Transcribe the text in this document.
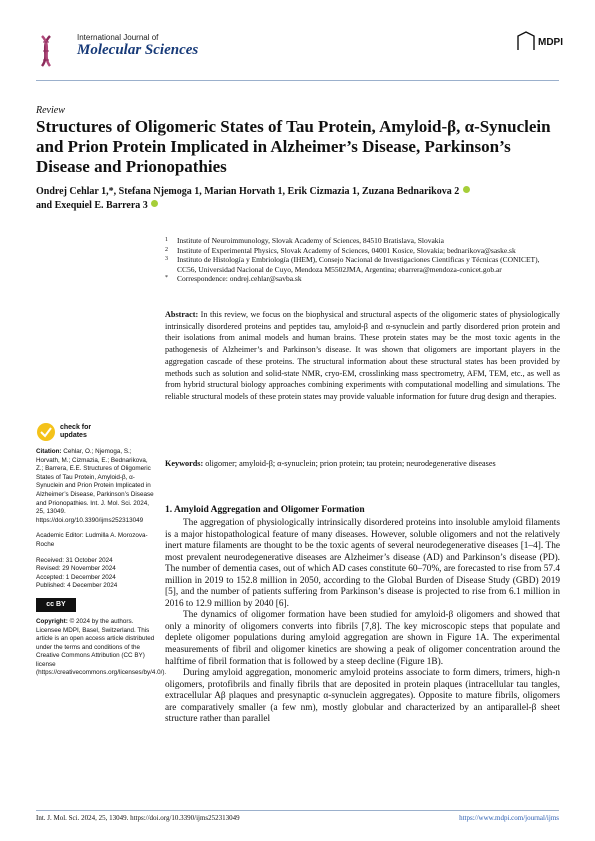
International Journal of
Molecular Sciences	MDPI
Review
Structures of Oligomeric States of Tau Protein, Amyloid-β, α-Synuclein and Prion Protein Implicated in Alzheimer’s Disease, Parkinson’s Disease and Prionopathies
Ondrej Cehlar 1,*, Stefana Njemoga 1, Marian Horvath 1, Erik Cizmazia 1, Zuzana Bednarikova 2
and Exequiel E. Barrera 3
1	Institute of Neuroimmunology, Slovak Academy of Sciences, 84510 Bratislava, Slovakia
2	Institute of Experimental Physics, Slovak Academy of Sciences, 04001 Kosice, Slovakia; bednarikova@saske.sk
3	Instituto de Histología y Embriología (IHEM), Consejo Nacional de Investigaciones Científicas y Técnicas (CONICET), CC56, Universidad Nacional de Cuyo, Mendoza M5502JMA, Argentina; ebarrera@mendoza-conicet.gob.ar
*	Correspondence: ondrej.cehlar@savba.sk
Abstract: In this review, we focus on the biophysical and structural aspects of the oligomeric states of physiologically intrinsically disordered proteins and peptides tau, amyloid-β and α-synuclein and partly disordered prion protein and their isolations from animal models and human brains. These protein states may be the most toxic agents in the pathogenesis of Alzheimer’s and Parkinson’s disease. It was shown that oligomers are important players in the aggregation cascade of these proteins. The structural information about these structural states has been provided by methods such as solution and solid-state NMR, cryo-EM, crosslinking mass spectrometry, AFM, TEM, etc., as well as from hybrid structural biology approaches combining experiments with computational modelling and simulations. The reliable structural models of these protein states may provide valuable information for future drug design and therapies.
Keywords: oligomer; amyloid-β; α-synuclein; prion protein; tau protein; neurodegenerative diseases
1. Amyloid Aggregation and Oligomer Formation

The aggregation of physiologically intrinsically disordered proteins into insoluble amyloid filaments is a major histopathological feature of many diseases. However, soluble oligomers and not the relatively inert mature filaments are thought to be the toxic agents of several neurodegenerative diseases [1–4]. The most prevalent neurodegenerative diseases are Alzheimer’s disease (AD) and Parkinson’s disease (PD). The number of dementia cases, out of which AD cases constitute 60–70%, are forecasted to rise from 57.4 million in 2019 to 152.8 million in 2050, according to the Global Burden of Disease Study (GBD) 2019 [5], and the number of patients suffering from Parkinson’s disease is projected to rise from 6.1 million in 2016 to 12.9 million by 2040 [6].

The dynamics of oligomer formation have been studied for amyloid-β oligomers and showed that only a minority of oligomers converts into fibrils [7,8]. The key microscopic steps that populate and deplete oligomer populations during amyloid aggregation are shown in Figure 1A. The experimental measurements of fibril and oligomer kinetics are showing a peak of oligomer concentration around the halftime of fibril formation that is followed by a steep decline (Figure 1B).

During amyloid aggregation, monomeric amyloid proteins associate to form dimers, trimers, high-n oligomers, protofibrils and finally fibrils that are deposited in protein plaques (intracellular tau tangles, extracellular Aβ plaques and presynaptic α-synuclein aggregates). Opposite to mature fibrils, oligomers are comparatively smaller (a few nm), mostly globular and characterized by an antiparallel-β sheet structure rather than parallel

check for updates
Citation: Cehlar, O.; Njemoga, S.; Horvath, M.; Cizmazia, E.; Bednarikova, Z.; Barrera, E.E. Structures of Oligomeric States of Tau Protein, Amyloid-β, α-Synuclein and Prion Protein Implicated in Alzheimer’s Disease, Parkinson’s Disease and Prionopathies. Int. J. Mol. Sci. 2024, 25, 13049. https://doi.org/10.3390/ijms252313049
Academic Editor: Ludmilla A. Morozova-Roche
Received: 31 October 2024
Revised: 29 November 2024
Accepted: 1 December 2024
Published: 4 December 2024
cc BY
Copyright: © 2024 by the authors. Licensee MDPI, Basel, Switzerland. This article is an open access article distributed under the terms and conditions of the Creative Commons Attribution (CC BY) license (https://creativecommons.org/licenses/by/4.0/).
Int. J. Mol. Sci. 2024, 25, 13049. https://doi.org/10.3390/ijms252313049	https://www.mdpi.com/journal/ijms
